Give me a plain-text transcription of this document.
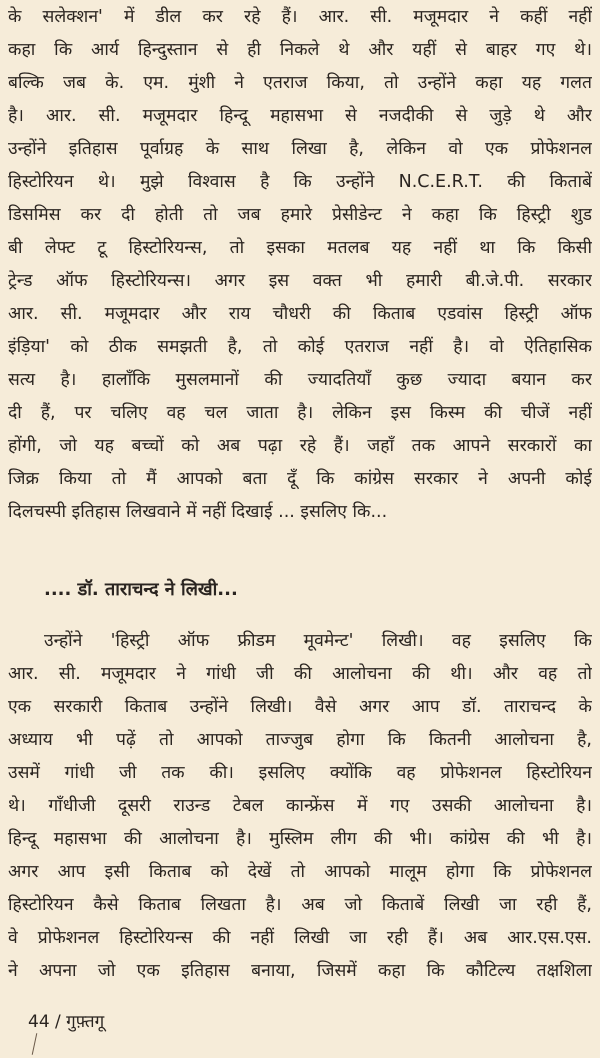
के सलेक्शन' में डील कर रहे हैं। आर. सी. मजूमदार ने कहीं नहीं
कहा कि आर्य हिन्दुस्तान से ही निकले थे और यहीं से बाहर गए थे।
बल्कि जब के. एम. मुंशी ने एतराज किया, तो उन्होंने कहा यह गलत
है। आर. सी. मजूमदार हिन्दू महासभा से नजदीकी से जुड़े थे और
उन्होंने इतिहास पूर्वाग्रह के साथ लिखा है, लेकिन वो एक प्रोफेशनल
हिस्टोरियन थे। मुझे विश्वास है कि उन्होंने N.C.E.R.T. की किताबें
डिसमिस कर दी होती तो जब हमारे प्रेसीडेन्ट ने कहा कि हिस्ट्री शुड
बी लेफ्ट टू हिस्टोरियन्स, तो इसका मतलब यह नहीं था कि किसी
ट्रेन्ड ऑफ हिस्टोरियन्स। अगर इस वक्त भी हमारी बी.जे.पी. सरकार
आर. सी. मजूमदार और राय चौधरी की किताब एडवांस हिस्ट्री ऑफ
इंड़िया' को ठीक समझती है, तो कोई एतराज नहीं है। वो ऐतिहासिक
सत्य है। हालाँकि मुसलमानों की ज्यादतियाँ कुछ ज्यादा बयान कर
दी हैं, पर चलिए वह चल जाता है। लेकिन इस किस्म की चीजें नहीं
होंगी, जो यह बच्चों को अब पढ़ा रहे हैं। जहाँ तक आपने सरकारों का
जिक्र किया तो मैं आपको बता दूँ कि कांग्रेस सरकार ने अपनी कोई
दिलचस्पी इतिहास लिखवाने में नहीं दिखाई ... इसलिए कि...
.... डॉ. ताराचन्द ने लिखी...
उन्होंने 'हिस्ट्री ऑफ फ्रीडम मूवमेन्ट' लिखी। वह इसलिए कि
आर. सी. मजूमदार ने गांधी जी की आलोचना की थी। और वह तो
एक सरकारी किताब उन्होंने लिखी। वैसे अगर आप डॉ. ताराचन्द के
अध्याय भी पढ़ें तो आपको ताज्जुब होगा कि कितनी आलोचना है,
उसमें गांधी जी तक की। इसलिए क्योंकि वह प्रोफेशनल हिस्टोरियन
थे। गाँधीजी दूसरी राउन्ड टेबल कान्फ्रेंस में गए उसकी आलोचना है।
हिन्दू महासभा की आलोचना है। मुस्लिम लीग की भी। कांग्रेस की भी है।
अगर आप इसी किताब को देखें तो आपको मालूम होगा कि प्रोफेशनल
हिस्टोरियन कैसे किताब लिखता है। अब जो किताबें लिखी जा रही हैं,
वे प्रोफेशनल हिस्टोरियन्स की नहीं लिखी जा रही हैं। अब आर.एस.एस.
ने अपना जो एक इतिहास बनाया, जिसमें कहा कि कौटिल्य तक्षशिला
44 / गुफ़्तगू
